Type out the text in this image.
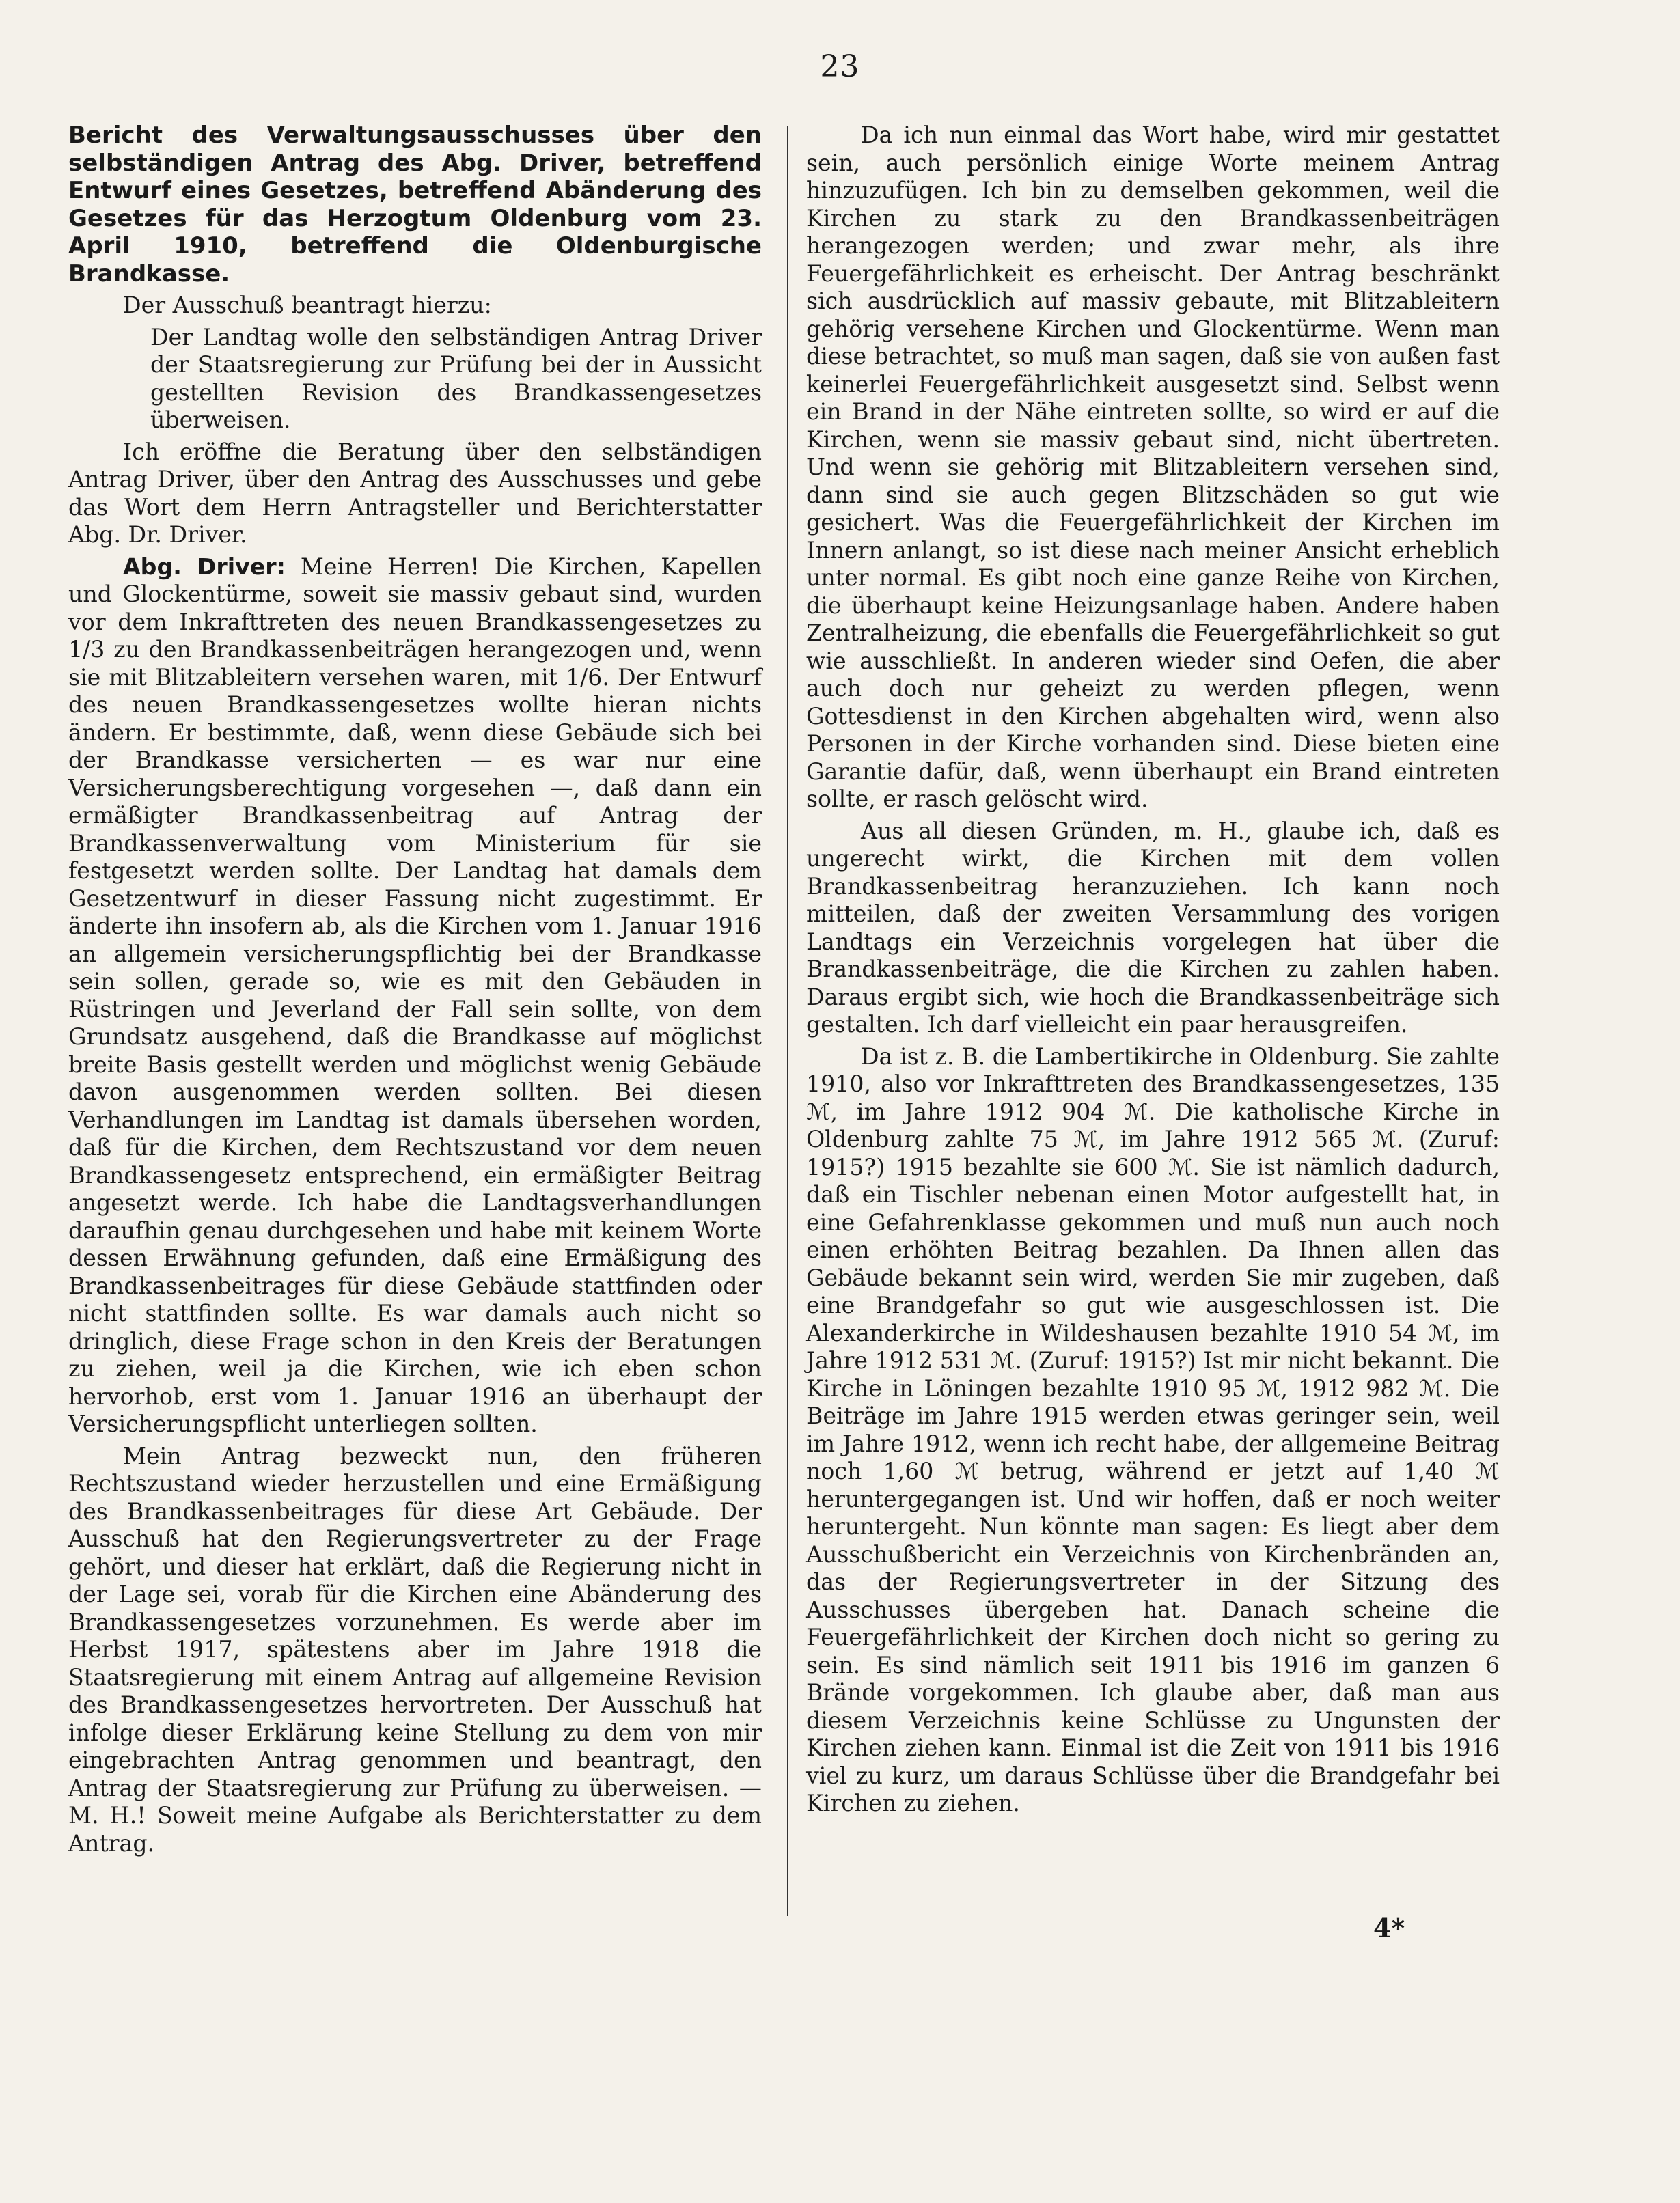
23
Bericht des Verwaltungsausschusses über den selbständigen Antrag des Abg. Driver, betreffend Entwurf eines Gesetzes, betreffend Abänderung des Gesetzes für das Herzogtum Oldenburg vom 23. April 1910, betreffend die Oldenburgische Brandkasse.

Der Ausschuß beantragt hierzu:

Der Landtag wolle den selbständigen Antrag Driver der Staatsregierung zur Prüfung bei der in Aussicht gestellten Revision des Brandkassengesetzes überweisen.

Ich eröffne die Beratung über den selbständigen Antrag Driver, über den Antrag des Ausschusses und gebe das Wort dem Herrn Antragsteller und Berichterstatter Abg. Dr. Driver.

Abg. Driver: Meine Herren! Die Kirchen, Kapellen und Glockentürme, soweit sie massiv gebaut sind, wurden vor dem Inkrafttreten des neuen Brandkassengesetzes zu 1/3 zu den Brandkassenbeiträgen herangezogen und, wenn sie mit Blitzableitern versehen waren, mit 1/6. Der Entwurf des neuen Brandkassengesetzes wollte hieran nichts ändern. Er bestimmte, daß, wenn diese Gebäude sich bei der Brandkasse versicherten — es war nur eine Versicherungsberechtigung vorgesehen —, daß dann ein ermäßigter Brandkassenbeitrag auf Antrag der Brandkassenverwaltung vom Ministerium für sie festgesetzt werden sollte. Der Landtag hat damals dem Gesetzentwurf in dieser Fassung nicht zugestimmt. Er änderte ihn insofern ab, als die Kirchen vom 1. Januar 1916 an allgemein versicherungspflichtig bei der Brandkasse sein sollen, gerade so, wie es mit den Gebäuden in Rüstringen und Jeverland der Fall sein sollte, von dem Grundsatz ausgehend, daß die Brandkasse auf möglichst breite Basis gestellt werden und möglichst wenig Gebäude davon ausgenommen werden sollten. Bei diesen Verhandlungen im Landtag ist damals übersehen worden, daß für die Kirchen, dem Rechtszustand vor dem neuen Brandkassengesetz entsprechend, ein ermäßigter Beitrag angesetzt werde. Ich habe die Landtagsverhandlungen daraufhin genau durchgesehen und habe mit keinem Worte dessen Erwähnung gefunden, daß eine Ermäßigung des Brandkassenbeitrages für diese Gebäude stattfinden oder nicht stattfinden sollte. Es war damals auch nicht so dringlich, diese Frage schon in den Kreis der Beratungen zu ziehen, weil ja die Kirchen, wie ich eben schon hervorhob, erst vom 1. Januar 1916 an überhaupt der Versicherungspflicht unterliegen sollten.

Mein Antrag bezweckt nun, den früheren Rechtszustand wieder herzustellen und eine Ermäßigung des Brandkassenbeitrages für diese Art Gebäude. Der Ausschuß hat den Regierungsvertreter zu der Frage gehört, und dieser hat erklärt, daß die Regierung nicht in der Lage sei, vorab für die Kirchen eine Abänderung des Brandkassengesetzes vorzunehmen. Es werde aber im Herbst 1917, spätestens aber im Jahre 1918 die Staatsregierung mit einem Antrag auf allgemeine Revision des Brandkassengesetzes hervortreten. Der Ausschuß hat infolge dieser Erklärung keine Stellung zu dem von mir eingebrachten Antrag genommen und beantragt, den Antrag der Staatsregierung zur Prüfung zu überweisen. — M. H.! Soweit meine Aufgabe als Berichterstatter zu dem Antrag.

Da ich nun einmal das Wort habe, wird mir gestattet sein, auch persönlich einige Worte meinem Antrag hinzuzufügen. Ich bin zu demselben gekommen, weil die Kirchen zu stark zu den Brandkassenbeiträgen herangezogen werden; und zwar mehr, als ihre Feuergefährlichkeit es erheischt. Der Antrag beschränkt sich ausdrücklich auf massiv gebaute, mit Blitzableitern gehörig versehene Kirchen und Glockentürme. Wenn man diese betrachtet, so muß man sagen, daß sie von außen fast keinerlei Feuergefährlichkeit ausgesetzt sind. Selbst wenn ein Brand in der Nähe eintreten sollte, so wird er auf die Kirchen, wenn sie massiv gebaut sind, nicht übertreten. Und wenn sie gehörig mit Blitzableitern versehen sind, dann sind sie auch gegen Blitzschäden so gut wie gesichert. Was die Feuergefährlichkeit der Kirchen im Innern anlangt, so ist diese nach meiner Ansicht erheblich unter normal. Es gibt noch eine ganze Reihe von Kirchen, die überhaupt keine Heizungsanlage haben. Andere haben Zentralheizung, die ebenfalls die Feuergefährlichkeit so gut wie ausschließt. In anderen wieder sind Oefen, die aber auch doch nur geheizt zu werden pflegen, wenn Gottesdienst in den Kirchen abgehalten wird, wenn also Personen in der Kirche vorhanden sind. Diese bieten eine Garantie dafür, daß, wenn überhaupt ein Brand eintreten sollte, er rasch gelöscht wird.

Aus all diesen Gründen, m. H., glaube ich, daß es ungerecht wirkt, die Kirchen mit dem vollen Brandkassenbeitrag heranzuziehen. Ich kann noch mitteilen, daß der zweiten Versammlung des vorigen Landtags ein Verzeichnis vorgelegen hat über die Brandkassenbeiträge, die die Kirchen zu zahlen haben. Daraus ergibt sich, wie hoch die Brandkassenbeiträge sich gestalten. Ich darf vielleicht ein paar herausgreifen.

Da ist z. B. die Lambertikirche in Oldenburg. Sie zahlte 1910, also vor Inkrafttreten des Brandkassengesetzes, 135 ℳ, im Jahre 1912 904 ℳ. Die katholische Kirche in Oldenburg zahlte 75 ℳ, im Jahre 1912 565 ℳ. (Zuruf: 1915?) 1915 bezahlte sie 600 ℳ. Sie ist nämlich dadurch, daß ein Tischler nebenan einen Motor aufgestellt hat, in eine Gefahrenklasse gekommen und muß nun auch noch einen erhöhten Beitrag bezahlen. Da Ihnen allen das Gebäude bekannt sein wird, werden Sie mir zugeben, daß eine Brandgefahr so gut wie ausgeschlossen ist. Die Alexanderkirche in Wildeshausen bezahlte 1910 54 ℳ, im Jahre 1912 531 ℳ. (Zuruf: 1915?) Ist mir nicht bekannt. Die Kirche in Löningen bezahlte 1910 95 ℳ, 1912 982 ℳ. Die Beiträge im Jahre 1915 werden etwas geringer sein, weil im Jahre 1912, wenn ich recht habe, der allgemeine Beitrag noch 1,60 ℳ betrug, während er jetzt auf 1,40 ℳ heruntergegangen ist. Und wir hoffen, daß er noch weiter heruntergeht. Nun könnte man sagen: Es liegt aber dem Ausschußbericht ein Verzeichnis von Kirchenbränden an, das der Regierungsvertreter in der Sitzung des Ausschusses übergeben hat. Danach scheine die Feuergefährlichkeit der Kirchen doch nicht so gering zu sein. Es sind nämlich seit 1911 bis 1916 im ganzen 6 Brände vorgekommen. Ich glaube aber, daß man aus diesem Verzeichnis keine Schlüsse zu Ungunsten der Kirchen ziehen kann. Einmal ist die Zeit von 1911 bis 1916 viel zu kurz, um daraus Schlüsse über die Brandgefahr bei Kirchen zu ziehen.

4*
